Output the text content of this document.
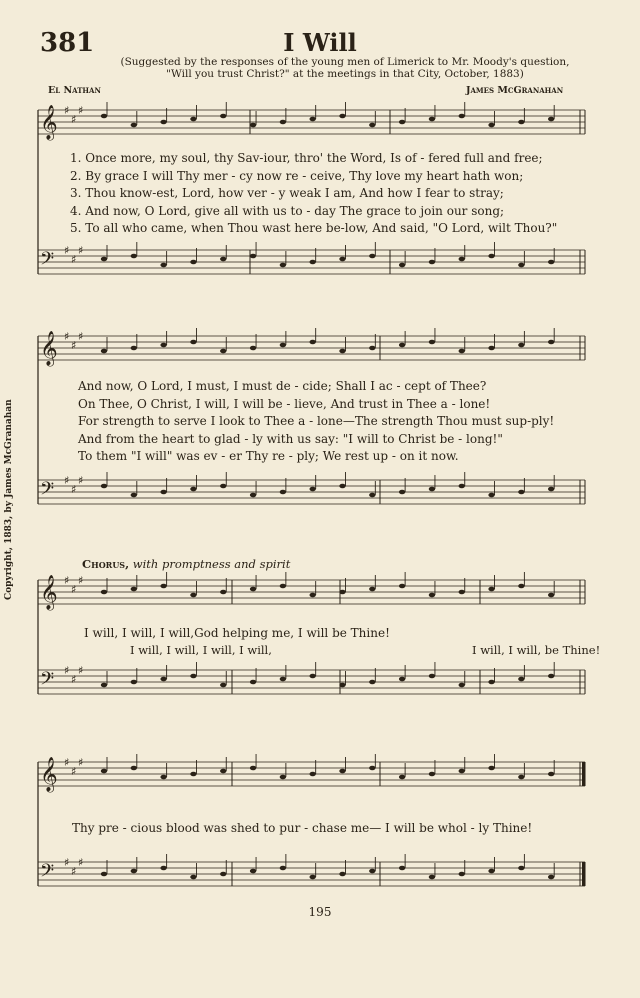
381	I Will
(Suggested by the responses of the young men of Limerick to Mr. Moody's question,
"Will you trust Christ?" at the meetings in that City, October, 1883)
El Nathan	James McGranahan
𝄞 ♯
♯
♯
𝄢 ♯
♯
♯
𝄞 ♯
♯
♯
𝄢 ♯
♯
♯
𝄞 ♯
♯
♯
𝄢 ♯
♯
♯
𝄞 ♯
♯
♯
𝄢 ♯
♯
♯
1. Once more, my soul, thy Sav-iour, thro' the Word, Is of - fered full and free;
2. By grace I will Thy mer - cy now re - ceive, Thy love my heart hath won;
3. Thou know-est, Lord, how ver - y weak I am, And how I fear to stray;
4. And now, O Lord, give all with us to - day The grace to join our song;
5. To all who came, when Thou wast here be-low, And said, "O Lord, wilt Thou?"
And now, O Lord, I must, I must de - cide; Shall I ac - cept of Thee?
On Thee, O Christ, I will, I will be - lieve, And trust in Thee a - lone!
For strength to serve I look to Thee a - lone—The strength Thou must sup-ply!
And from the heart to glad - ly with us say: "I will to Christ be - long!"
To them "I will" was ev - er Thy re - ply; We rest up - on it now.
Chorus, with promptness and spirit
I will, I will, I will,God helping me, I will be Thine!
I will, I will, I will, I will,	I will, I will, be Thine!
Thy pre - cious blood was shed to pur - chase me— I will be whol - ly Thine!
Copyright, 1883, by James McGranahan
195
